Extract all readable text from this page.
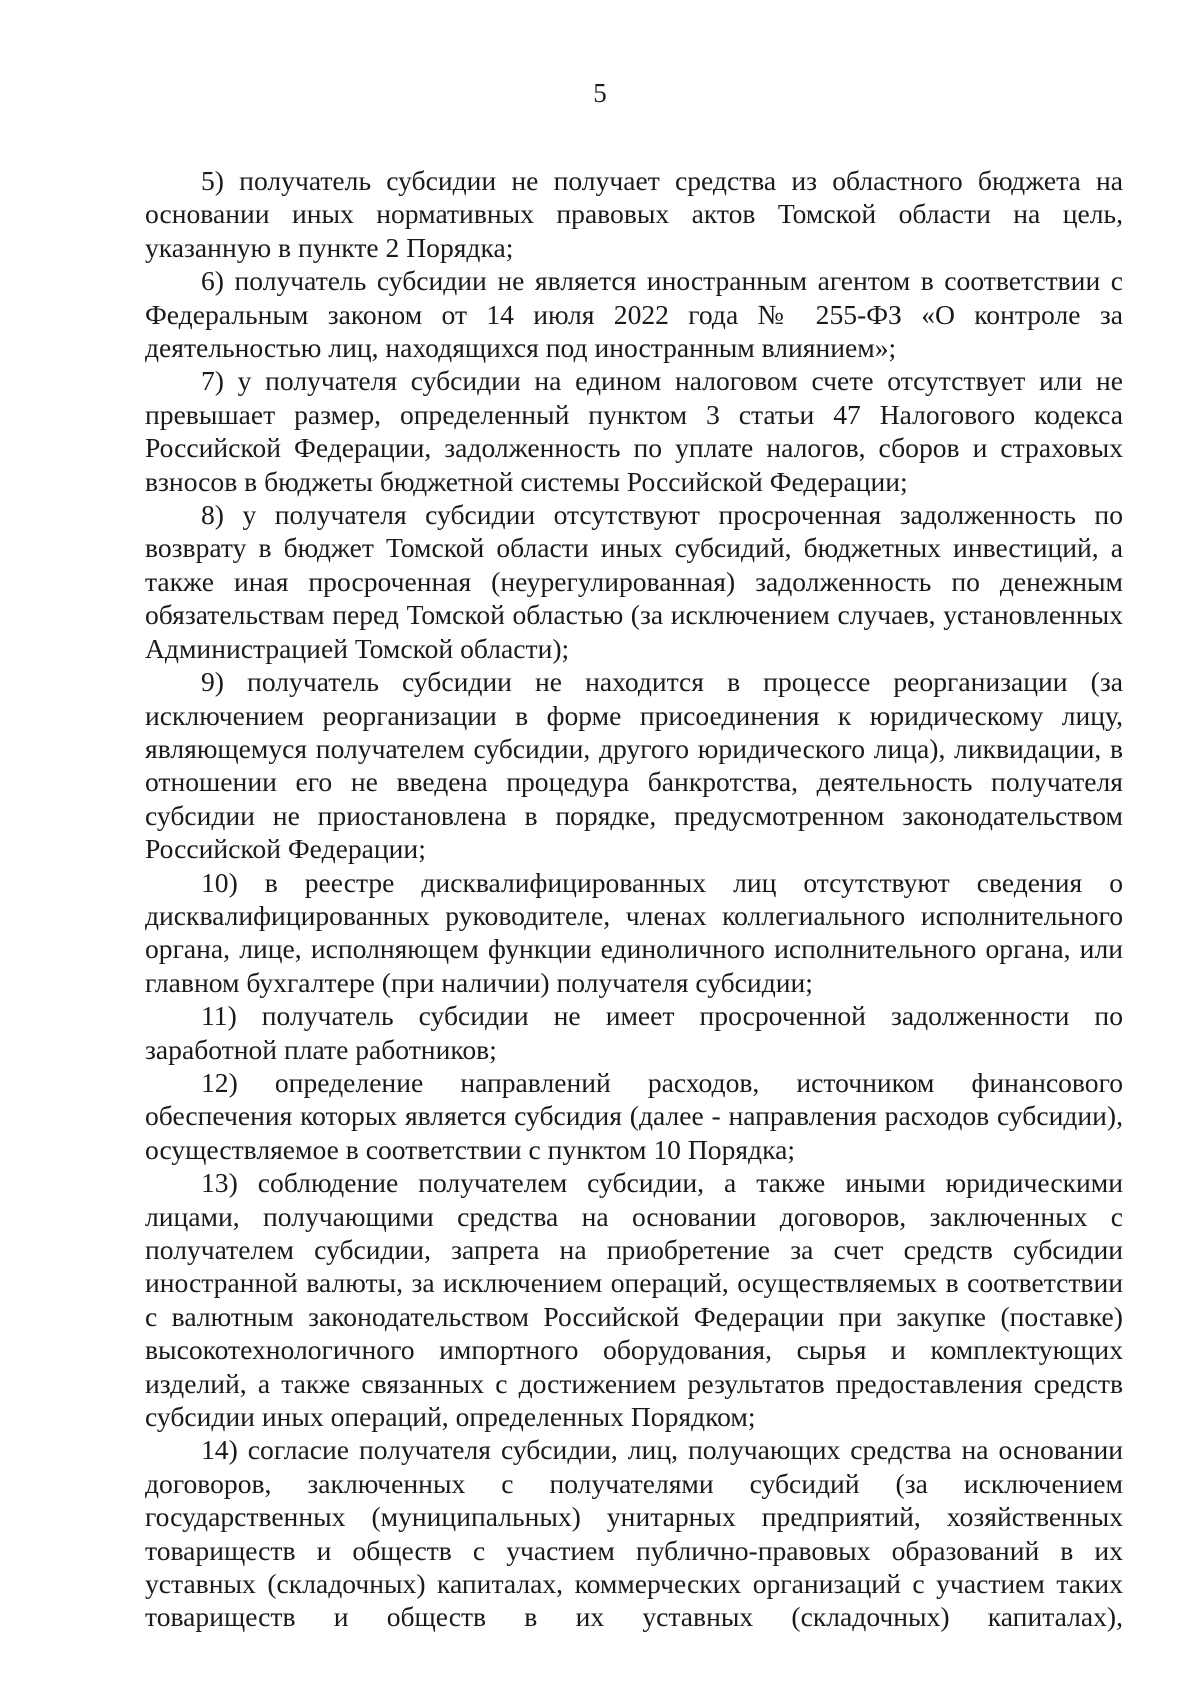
5

5) получатель субсидии не получает средства из областного бюджета на основании иных нормативных правовых актов Томской области на цель, указанную в пункте 2 Порядка;

6) получатель субсидии не является иностранным агентом в соответствии с Федеральным законом от 14 июля 2022 года № 255-ФЗ «О контроле за деятельностью лиц, находящихся под иностранным влиянием»;

7) у получателя субсидии на едином налоговом счете отсутствует или не превышает размер, определенный пунктом 3 статьи 47 Налогового кодекса Российской Федерации, задолженность по уплате налогов, сборов и страховых взносов в бюджеты бюджетной системы Российской Федерации;

8) у получателя субсидии отсутствуют просроченная задолженность по возврату в бюджет Томской области иных субсидий, бюджетных инвестиций, а также иная просроченная (неурегулированная) задолженность по денежным обязательствам перед Томской областью (за исключением случаев, установленных Администрацией Томской области);

9) получатель субсидии не находится в процессе реорганизации (за исключением реорганизации в форме присоединения к юридическому лицу, являющемуся получателем субсидии, другого юридического лица), ликвидации, в отношении его не введена процедура банкротства, деятельность получателя субсидии не приостановлена в порядке, предусмотренном законодательством Российской Федерации;

10) в реестре дисквалифицированных лиц отсутствуют сведения о дисквалифицированных руководителе, членах коллегиального исполнительного органа, лице, исполняющем функции единоличного исполнительного органа, или главном бухгалтере (при наличии) получателя субсидии;

11) получатель субсидии не имеет просроченной задолженности по заработной плате работников;

12) определение направлений расходов, источником финансового обеспечения которых является субсидия (далее - направления расходов субсидии), осуществляемое в соответствии с пунктом 10 Порядка;

13) соблюдение получателем субсидии, а также иными юридическими лицами, получающими средства на основании договоров, заключенных с получателем субсидии, запрета на приобретение за счет средств субсидии иностранной валюты, за исключением операций, осуществляемых в соответствии с валютным законодательством Российской Федерации при закупке (поставке) высокотехнологичного импортного оборудования, сырья и комплектующих изделий, а также связанных с достижением результатов предоставления средств субсидии иных операций, определенных Порядком;

14) согласие получателя субсидии, лиц, получающих средства на основании договоров, заключенных с получателями субсидий (за исключением государственных (муниципальных) унитарных предприятий, хозяйственных товариществ и обществ с участием публично-правовых образований в их уставных (складочных) капиталах, коммерческих организаций с участием таких товариществ и обществ в их уставных (складочных) капиталах),
